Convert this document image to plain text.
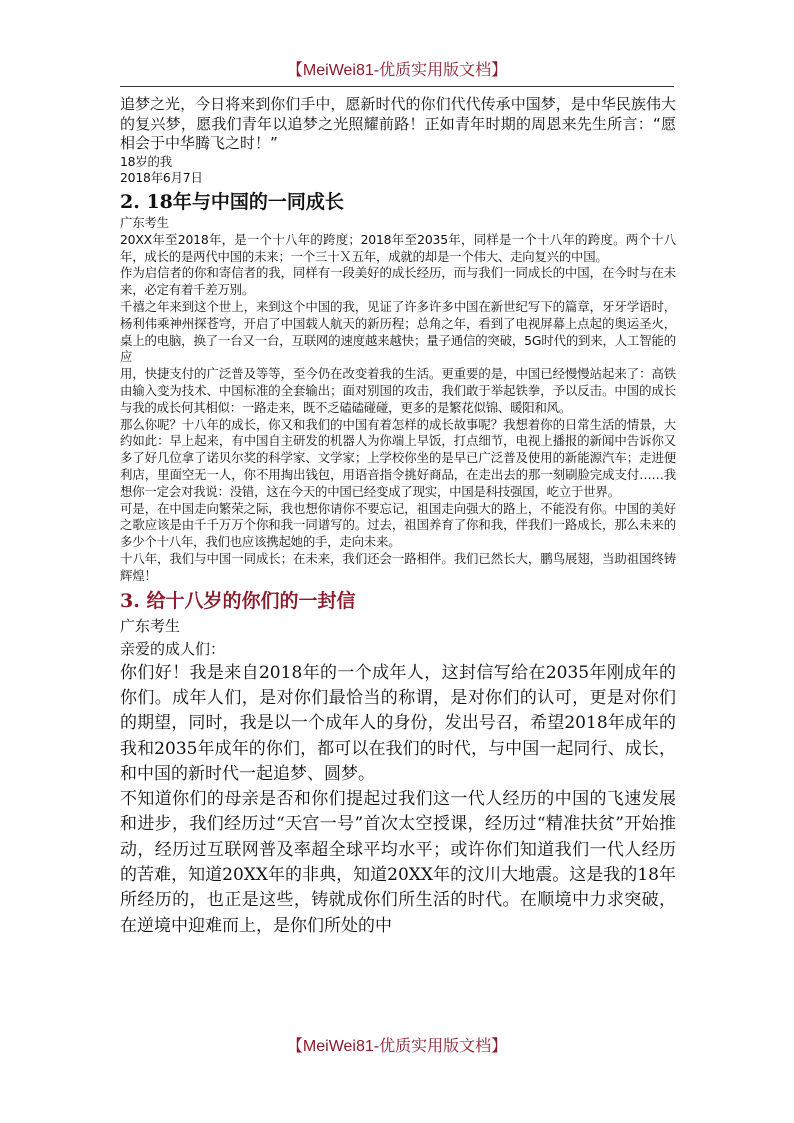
【MeiWei81-优质实用版文档】

追梦之光，今日将来到你们手中，愿新时代的你们代代传承中国梦，是中华民族伟大的复兴梦，愿我们青年以追梦之光照耀前路！正如青年时期的周恩来先生所言：“愿相会于中华腾飞之时！”

18岁的我

2018年6月7日

2. 18年与中国的一同成长

广东考生

20XX年至2018年，是一个十八年的跨度；2018年至2035年，同样是一个十八年的跨度。两个十八年，成长的是两代中国的未来；一个三十Ｘ五年，成就的却是一个伟大、走向复兴的中国。

作为启信者的你和寄信者的我，同样有一段美好的成长经历，而与我们一同成长的中国，在今时与在未来，必定有着千差万别。

千禧之年来到这个世上，来到这个中国的我，见证了许多许多中国在新世纪写下的篇章，牙牙学语时，杨利伟乘神州探苍穹，开启了中国载人航天的新历程；总角之年，看到了电视屏幕上点起的奥运圣火，桌上的电脑，换了一台又一台，互联网的速度越来越快；量子通信的突破，5G时代的到来，人工智能的应

用，快捷支付的广泛普及等等，至今仍在改变着我的生活。更重要的是，中国已经慢慢站起来了：高铁由输入变为技术、中国标准的全套输出；面对别国的攻击，我们敢于举起铁拳，予以反击。中国的成长与我的成长何其相似：一路走来，既不乏磕磕碰碰，更多的是繁花似锦、暖阳和风。

那么你呢？十八年的成长，你又和我们的中国有着怎样的成长故事呢？我想着你的日常生活的情景，大约如此：早上起来，有中国自主研发的机器人为你端上早饭，打点细节，电视上播报的新闻中告诉你又多了好几位拿了诺贝尔奖的科学家、文学家；上学校你坐的是早已广泛普及使用的新能源汽车；走进便利店，里面空无一人，你不用掏出钱包，用语音指令挑好商品，在走出去的那一刻刷脸完成支付……我想你一定会对我说：没错，这在今天的中国已经变成了现实，中国是科技强国，屹立于世界。

可是，在中国走向繁荣之际，我也想你请你不要忘记，祖国走向强大的路上，不能没有你。中国的美好之歌应该是由千千万万个你和我一同谱写的。过去，祖国养育了你和我，伴我们一路成长，那么未来的多少个十八年，我们也应该携起她的手，走向未来。

十八年，我们与中国一同成长；在未来，我们还会一路相伴。我们已然长大，鹏鸟展翅，当助祖国终铸辉煌！

3. 给十八岁的你们的一封信

广东考生

亲爱的成人们：

你们好！我是来自2018年的一个成年人，这封信写给在2035年刚成年的你们。成年人们，是对你们最恰当的称谓，是对你们的认可，更是对你们的期望，同时，我是以一个成年人的身份，发出号召，希望2018年成年的我和2035年成年的你们，都可以在我们的时代，与中国一起同行、成长，和中国的新时代一起追梦、圆梦。

不知道你们的母亲是否和你们提起过我们这一代人经历的中国的飞速发展和进步，我们经历过“天宫一号”首次太空授课，经历过“精准扶贫”开始推动，经历过互联网普及率超全球平均水平；或许你们知道我们一代人经历的苦难，知道20XX年的非典，知道20XX年的汶川大地震。这是我的18年所经历的，也正是这些，铸就成你们所生活的时代。在顺境中力求突破，在逆境中迎难而上，是你们所处的中

【MeiWei81-优质实用版文档】
